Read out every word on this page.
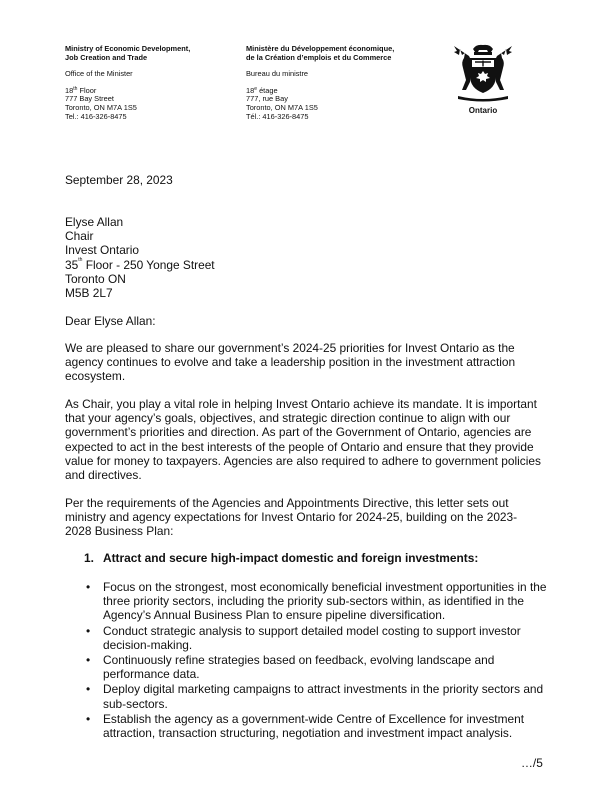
Ministry of Economic Development,
Job Creation and Trade
Office of the Minister
18th Floor
777 Bay Street
Toronto, ON M7A 1S5
Tel.: 416-326-8475
Ministère du Développement économique,
de la Création d’emplois et du Commerce
Bureau du ministre
18e étage
777, rue Bay
Toronto, ON M7A 1S5
Tél.: 416-326-8475
Ontario
September 28, 2023
Elyse Allan
Chair
Invest Ontario
35th Floor - 250 Yonge Street
Toronto ON
M5B 2L7
Dear Elyse Allan:

We are pleased to share our government’s 2024-25 priorities for Invest Ontario as the agency continues to evolve and take a leadership position in the investment attraction ecosystem.

As Chair, you play a vital role in helping Invest Ontario achieve its mandate. It is important that your agency’s goals, objectives, and strategic direction continue to align with our government’s priorities and direction. As part of the Government of Ontario, agencies are expected to act in the best interests of the people of Ontario and ensure that they provide value for money to taxpayers. Agencies are also required to adhere to government policies and directives.

Per the requirements of the Agencies and Appointments Directive, this letter sets out ministry and agency expectations for Invest Ontario for 2024-25, building on the 2023-2028 Business Plan:

1. Attract and secure high-impact domestic and foreign investments:
• Focus on the strongest, most economically beneficial investment opportunities in the three priority sectors, including the priority sub-sectors within, as identified in the Agency’s Annual Business Plan to ensure pipeline diversification.
• Conduct strategic analysis to support detailed model costing to support investor decision-making.
• Continuously refine strategies based on feedback, evolving landscape and performance data.
• Deploy digital marketing campaigns to attract investments in the priority sectors and sub-sectors.
• Establish the agency as a government-wide Centre of Excellence for investment attraction, transaction structuring, negotiation and investment impact analysis.
…/5
